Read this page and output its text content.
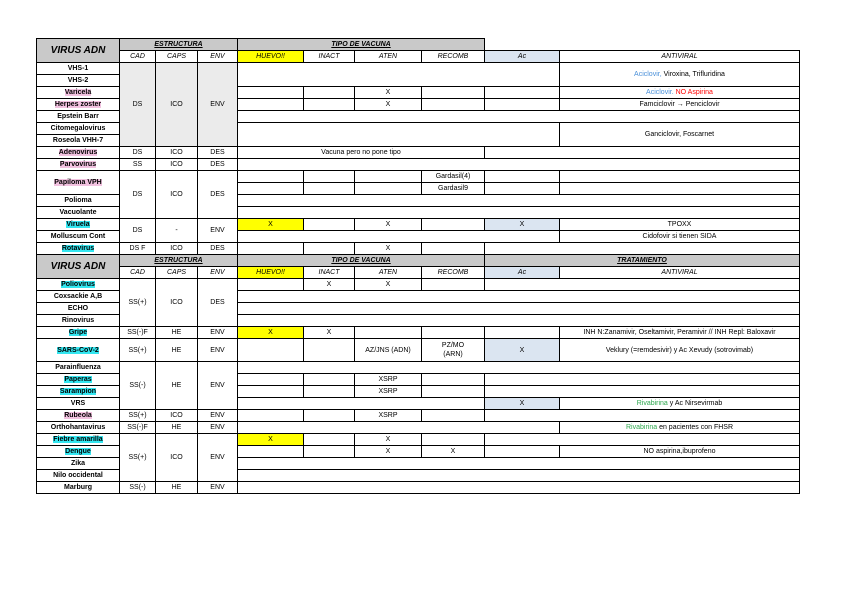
VIRUS ADN	ESTRUCTURA			TIPO DE VACUNA					
	CAD	CAPS	ENV	HUEVO!!	INACT	ATEN	RECOMB	Ac	ANTIVIRAL
VHS-1	DS	ICO	ENV						Aciclovir, Viroxina, Trifluridina
VHS-2									
Varicela						X			Aciclovir. NO Aspirina
Herpes zoster						X			Famciclovir → Penciclovir
Epstein Barr									
Citomegalovirus									Ganciclovir, Foscarnet
Roseola VHH-7									
Adenovirus	DS	ICO	DES	Vacuna pero no pone tipo					
Parvovirus	SS	ICO	DES						
Papiloma VPH	DS	ICO	DES				Gardasil(4)		
							Gardasil9		
Polioma									
Vacuolante									
Viruela	DS	-	ENV	X		X		X	TPOXX
Molluscum Cont									Cidofovir si tienen SIDA
Rotavirus	DS F	ICO	DES			X			
VIRUS ADN	ESTRUCTURA			TIPO DE VACUNA				TRATAMIENTO	
	CAD	CAPS	ENV	HUEVO!!	INACT	ATEN	RECOMB	Ac	ANTIVIRAL
Poliovirus	SS(+)	ICO	DES		X	X			
Coxsackie A,B									
ECHO									
Rinovirus									
Gripe	SS(-)F	HE	ENV	X	X				INH N:Zanamivir, Oseltamivir, Peramivir // INH Repl: Baloxavir
SARS-CoV-2	SS(+)	HE	ENV			AZ/JNS (ADN)	PZ/MO (ARN)	X	Veklury (=remdesivir) y Ac Xevudy (sotrovimab)
Parainfluenza	SS(-)	HE	ENV						
Paperas						XSRP			
Sarampion						XSRP			
VRS								X	Rivabirina y Ac Nirsevirmab
Rubeola	SS(+)	ICO	ENV			XSRP			
Orthohantavirus	SS(-)F	HE	ENV						Rivabirina en pacientes con FHSR
Fiebre amarilla	SS(+)	ICO	ENV	X		X			
Dengue						X	X		NO aspirina,ibuprofeno
Zika									
Nilo occidental									
Marburg	SS(-)	HE	ENV						
